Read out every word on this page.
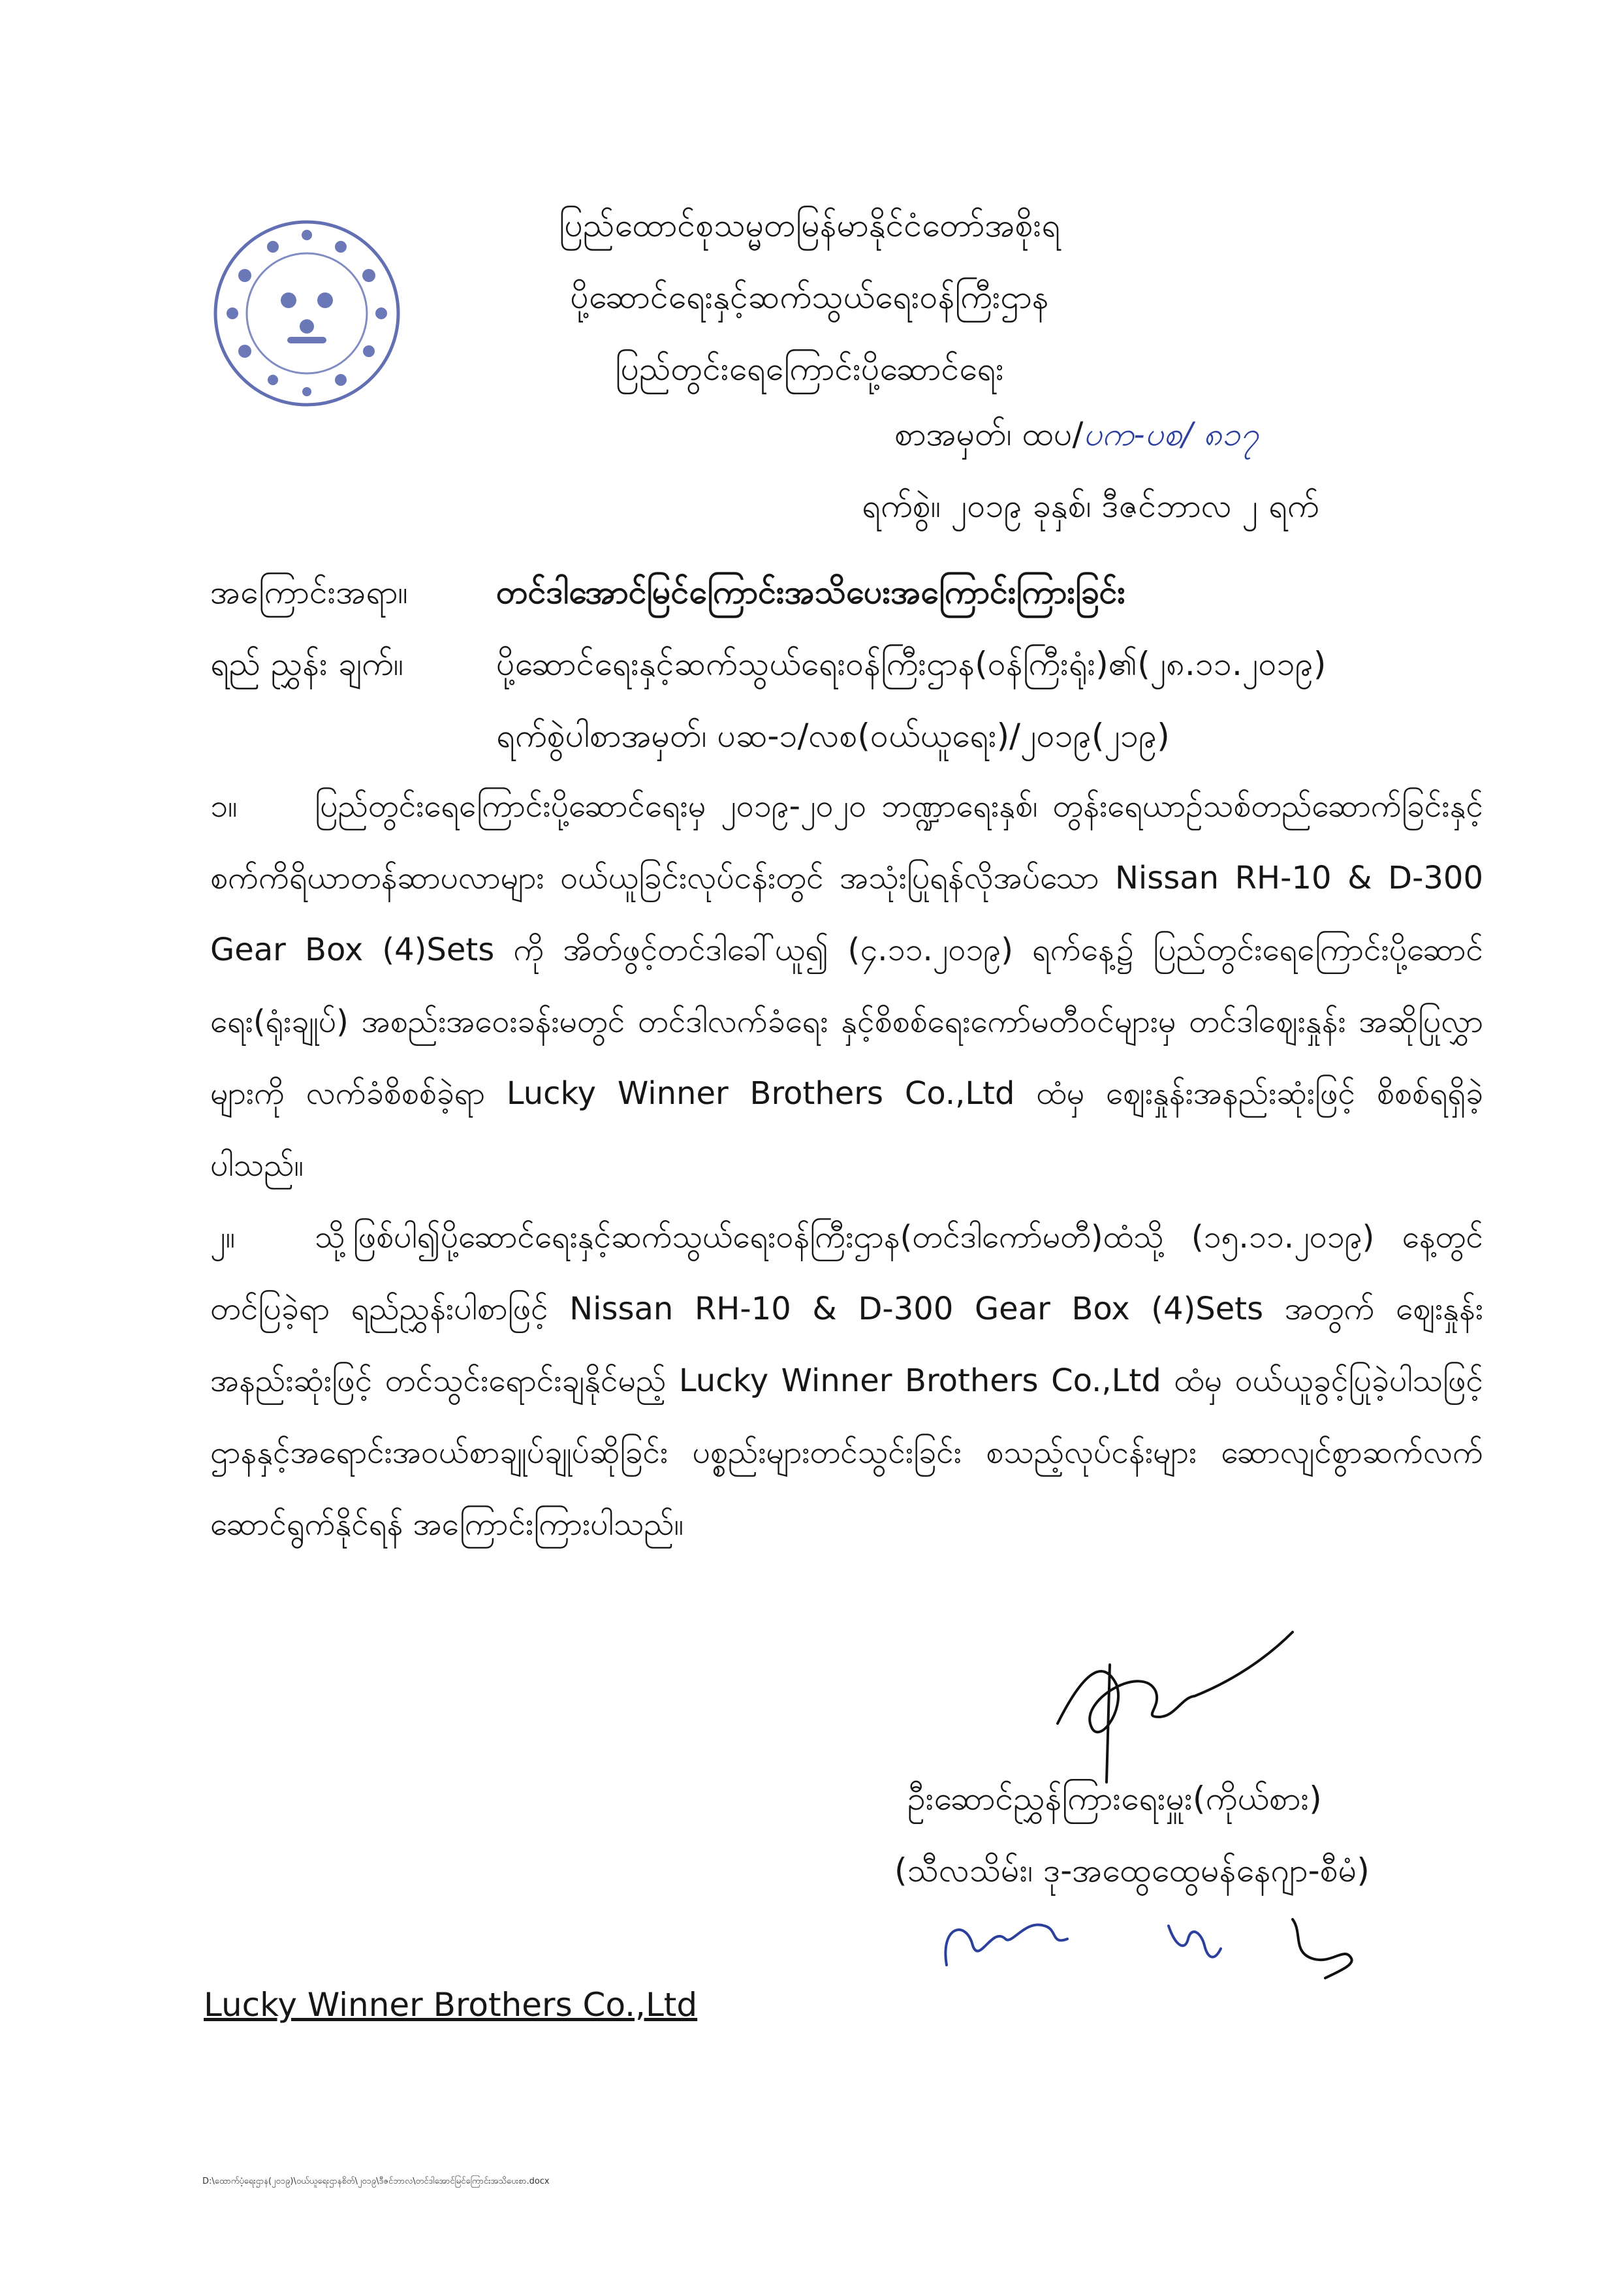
ပြည်ထောင်စုသမ္မတမြန်မာနိုင်ငံတော်အစိုးရ
ပို့ဆောင်ရေးနှင့်ဆက်သွယ်ရေးဝန်ကြီးဌာန
ပြည်တွင်းရေကြောင်းပို့ဆောင်ရေး
စာအမှတ်၊ ထပ/ပက-ပစ/ ၈၁၇
ရက်စွဲ။ ၂၀၁၉ ခုနှစ်၊ ဒီဇင်ဘာလ ၂ ရက်
အကြောင်းအရာ။	တင်ဒါအောင်မြင်ကြောင်းအသိပေးအကြောင်းကြားခြင်း
ရည် ညွှန်း ချက်။	ပို့ဆောင်ရေးနှင့်ဆက်သွယ်ရေးဝန်ကြီးဌာန(ဝန်ကြီးရုံး)၏(၂၈.၁၁.၂၀၁၉)
ရက်စွဲပါစာအမှတ်၊ ပဆ-၁/လစ(ဝယ်ယူရေး)/၂၀၁၉(၂၁၉)
၁။ ပြည်တွင်းရေကြောင်းပို့ဆောင်ရေးမှ ၂၀၁၉-၂၀၂၀ ဘဏ္ဍာရေးနှစ်၊ တွန်းရေယာဉ်သစ်တည်ဆောက်ခြင်းနှင့် စက်ကိရိယာတန်ဆာပလာများ ဝယ်ယူခြင်းလုပ်ငန်းတွင် အသုံးပြုရန်လိုအပ်သော Nissan RH-10 & D-300 Gear Box (4)Sets ကို အိတ်ဖွင့်တင်ဒါခေါ်ယူ၍ (၄.၁၁.၂၀၁၉) ရက်နေ့၌ ပြည်တွင်းရေကြောင်းပို့ဆောင်ရေး(ရုံးချုပ်) အစည်းအဝေးခန်းမတွင် တင်ဒါလက်ခံရေး နှင့်စိစစ်ရေးကော်မတီဝင်များမှ တင်ဒါဈေးနှုန်း အဆိုပြုလွှာများကို လက်ခံစိစစ်ခဲ့ရာ Lucky Winner Brothers Co.,Ltd ထံမှ ဈေးနှုန်းအနည်းဆုံးဖြင့် စိစစ်ရရှိခဲ့ပါသည်။
၂။	သို့ဖြစ်ပါ၍ပို့ဆောင်ရေးနှင့်ဆက်သွယ်ရေးဝန်ကြီးဌာန(တင်ဒါကော်မတီ)ထံသို့ (၁၅.၁၁.၂၀၁၉) နေ့တွင်တင်ပြခဲ့ရာ ရည်ညွှန်းပါစာဖြင့် Nissan RH-10 & D-300 Gear Box (4)Sets အတွက် ဈေးနှုန်းအနည်းဆုံးဖြင့် တင်သွင်းရောင်းချနိုင်မည့် Lucky Winner Brothers Co.,Ltd ထံမှ ဝယ်ယူခွင့်ပြုခဲ့ပါသဖြင့် ဌာနနှင့်အရောင်းအဝယ်စာချုပ်ချုပ်ဆိုခြင်း ပစ္စည်းများတင်သွင်းခြင်း စသည့်လုပ်ငန်းများ ဆောလျင်စွာဆက်လက်ဆောင်ရွက်နိုင်ရန် အကြောင်းကြားပါသည်။
ဦးဆောင်ညွှန်ကြားရေးမှူး(ကိုယ်စား)
(သီလသိမ်း၊ ဒု-အထွေထွေမန်နေဂျာ-စီမံ)
Lucky Winner Brothers Co.,Ltd
D:\ထောက်ပံ့ရေးဌာန(၂၀၁၉)\ဝယ်ယူရေးဌာနစိတ်\၂၀၁၉\ဒီဇင်ဘာလ\တင်ဒါအောင်မြင်ကြောင်းအသိပေးစာ.docx
